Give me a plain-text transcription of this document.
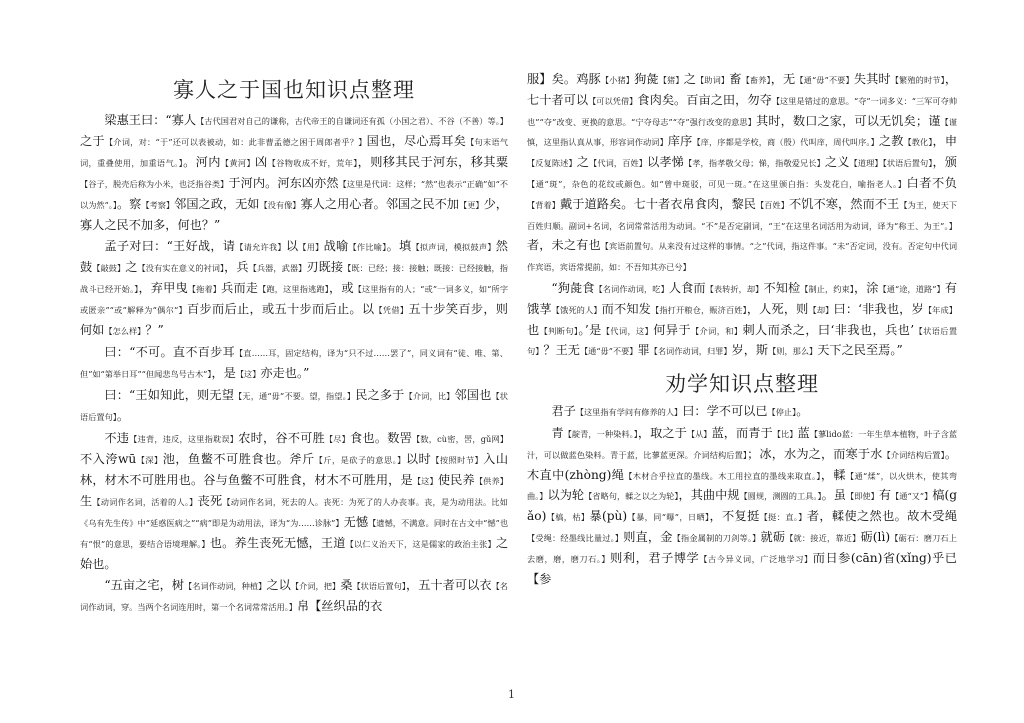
寡人之于国也知识点整理
梁惠王曰：“寡人【古代国君对自己的谦称，古代帝王的自谦词还有孤（小国之君）、不谷（不善）等。】之于【介词，对：“于”还可以表被动，如：此非曹孟德之困于周郎者乎？】国也，尽心焉耳矣【句末语气词，重叠使用，加重语气。】。河内【黄河】凶【谷物收成不好，荒年】，则移其民于河东，移其粟【谷子，脱壳后称为小米，也泛指谷类】于河内。河东凶亦然【这里是代词：这样；“然”也表示“正确”如“不以为然”。】。察【考察】邻国之政，无如【没有像】寡人之用心者。邻国之民不加【更】少，寡人之民不加多，何也？”
孟子对曰：“王好战，请【请允许我】以【用】战喻【作比喻】。填【拟声词，模拟鼓声】然鼓【敲鼓】之【没有实在意义的衬词】，兵【兵器，武器】刃既接【既：已经；接：接触；既接：已经接触，指战斗已经开始。】，弃甲曳【拖着】兵而走【跑，这里指逃跑】，或【这里指有的人；“或”一词多义，如“所字或匿亲”“或”解释为“偶尔”】百步而后止，或五十步而后止。以【凭借】五十步笑百步，则何如【怎么样】？”
曰：“不可。直不百步耳【直……耳，固定结构，译为“只不过……罢了”，同义词有“徒、唯、第、但”如“第举日耳”“但闻悲鸟号古木”】，是【这】亦走也。”
曰：“王如知此，则无望【无，通“毋”不要。望，指望。】民之多于【介词，比】邻国也【状语后置句】。
不违【违背，违反，这里指耽误】农时，谷不可胜【尽】食也。数罟【数，cù密，罟，gǔ网】不入洿wū【深】池，鱼鳖不可胜食也。斧斤【斤，是砍子的意思。】以时【按照时节】入山林，材木不可胜用也。谷与鱼鳖不可胜食，材木不可胜用，是【这】使民养【供养】生【动词作名词，活着的人。】丧死【动词作名词，死去的人。丧死：为死了的人办丧事。丧，是为动用法。比如《乌有先生传》中“延惑医病之”“病”即是为动用法，译为“为……诊脉”】无憾【遗憾，不满意。同时在古文中“憾”也有“恨”的意思，要结合语境理解。】也。养生丧死无憾，王道【以仁义治天下，这是儒家的政治主张】之始也。
“五亩之宅，树【名词作动词，种植】之以【介词，把】桑【状语后置句】，五十者可以衣【名词作动词，穿。当两个名词连用时，第一个名词常常活用。】帛【丝织品的衣
服】矣。鸡豚【小猪】狗彘【猪】之【助词】畜【畜养】，无【通“毋”不要】失其时【繁殖的时节】，七十者可以【可以凭借】食肉矣。百亩之田，勿夺【这里是错过的意思。“夺”一词多义：“三军可夺帅也”“夺”改变、更换的意思。“宁夺母志”“夺”强行改变的意思】其时，数口之家，可以无饥矣；谨【谨慎，这里指认真从事，形容词作动词】庠序【庠，序都是学校，商（殷）代叫庠，周代叫序。】之教【教化】，申【反复陈述】之【代词，百姓】以孝悌【孝，指孝敬父母；悌，指敬爱兄长】之义【道理】【状语后置句】，颁【通“斑”，杂色的花纹或颜色。如“曾中斑驳，可见一斑。”在这里颁白指：头发花白，喻指老人。】白者不负【背着】戴于道路矣。七十者衣帛食肉，黎民【百姓】不饥不寒，然而不王【为王，使天下百姓归顺。副词+名词，名词常常活用为动词。“不”是否定副词，“王”在这里名词活用为动词，译为“称王、为王”。】者，未之有也【宾语前置句。从来没有过这样的事情。“之”代词，指这件事。“未”否定词，没有。否定句中代词作宾语，宾语常提前，如：不吾知其亦已兮】
“狗彘食【名词作动词，吃】人食而【表转折，却】不知检【制止，约束】，涂【通“途，道路”】有饿莩【饿死的人】而不知发【指打开粮仓，赈济百姓】，人死，则【却】曰：‘非我也，岁【年成】也【判断句】。’是【代词，这】何异于【介词，和】刺人而杀之，曰‘非我也，兵也’【状语后置句】？王无【通“毋”不要】罪【名词作动词，归罪】岁，斯【则，那么】天下之民至焉。”
劝学知识点整理
君子【这里指有学问有修养的人】曰：学不可以已【停止】。
青【靛青，一种染料。】，取之于【从】蓝，而青于【比】蓝【蓼lido蓝：一年生草本植物，叶子含蓝汁，可以做蓝色染料。青于蓝，比蓼蓝更深。介词结构后置】；冰，水为之，而寒于水【介词结构后置】。木直中(zhòng)绳【木材合乎拉直的墨线。木工用拉直的墨线来取直。】，輮【通“煣”，以火烘木，使其弯曲。】以为轮【省略句，輮之以之为轮】，其曲中规【圆规，测圆的工具。】。虽【即使】有【通“又”】槁(gǎo)【槁，枯】暴(pù)【暴，同“曝”，日晒】，不复挺【挺：直。】者，輮使之然也。故木受绳【受绳：经墨线比量过。】则直，金【指金属制的刀剑等。】就砺【就：接近，靠近】砺(lì)【砺石：磨刀石上去磨，磨，磨刀石。】则利，君子博学【古今异义词，广泛地学习】而日参(cān)省(xǐng)乎已【参
1
